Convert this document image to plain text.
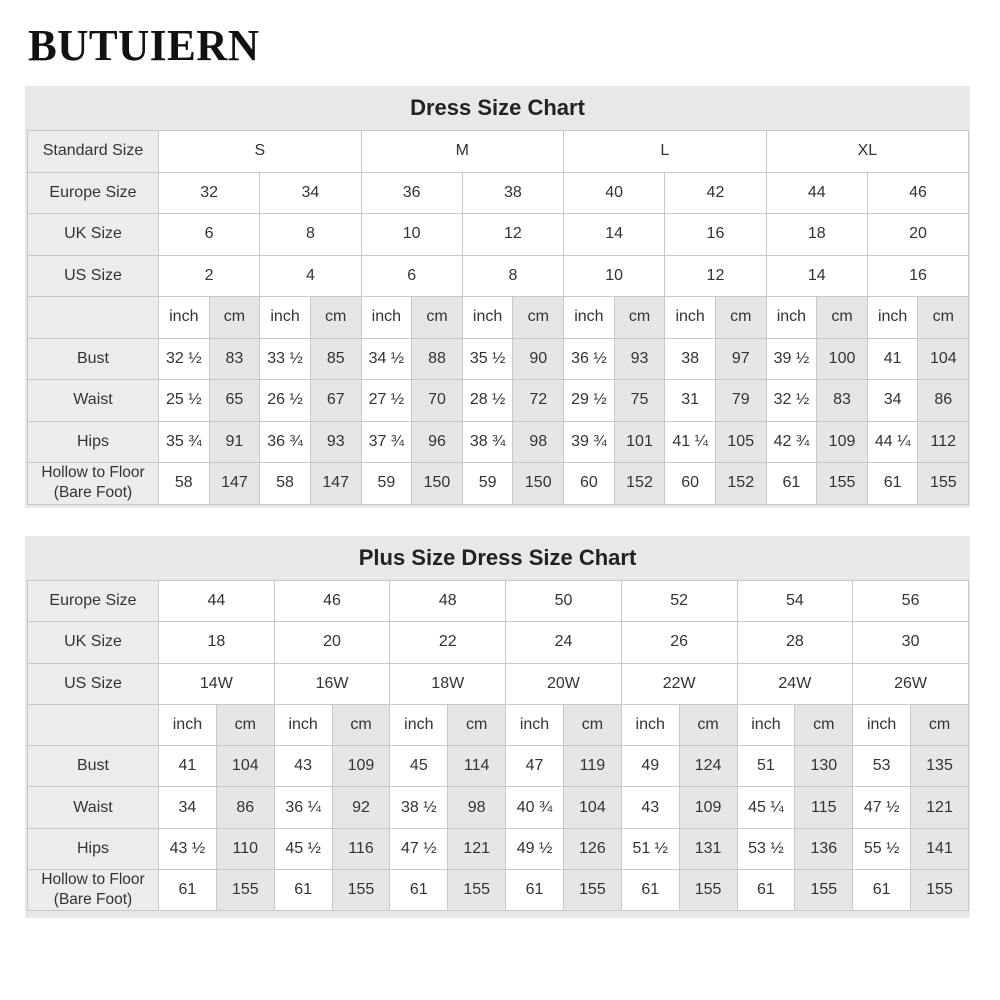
BUTUIERN
Dress Size Chart
Standard Size	S				M				L				XL			
Europe Size	32		34		36		38		40		42		44		46	
UK Size	6		8		10		12		14		16		18		20	
US Size	2		4		6		8		10		12		14		16	
	inch	cm	inch	cm	inch	cm	inch	cm	inch	cm	inch	cm	inch	cm	inch	cm
Bust	32 ½	83	33 ½	85	34 ½	88	35 ½	90	36 ½	93	38	97	39 ½	100	41	104
Waist	25 ½	65	26 ½	67	27 ½	70	28 ½	72	29 ½	75	31	79	32 ½	83	34	86
Hips	35 ¾	91	36 ¾	93	37 ¾	96	38 ¾	98	39 ¾	101	41 ¼	105	42 ¾	109	44 ¼	112

Hollow to Floor
(Bare Foot)	58	147	58	147	59	150	59	150	60	152	60	152	61	155	61	155
Plus Size Dress Size Chart
Europe Size	44		46		48		50		52		54		56	
UK Size	18		20		22		24		26		28		30	
US Size	14W		16W		18W		20W		22W		24W		26W	
	inch	cm	inch	cm	inch	cm	inch	cm	inch	cm	inch	cm	inch	cm
Bust	41	104	43	109	45	114	47	119	49	124	51	130	53	135
Waist	34	86	36 ¼	92	38 ½	98	40 ¾	104	43	109	45 ¼	115	47 ½	121
Hips	43 ½	110	45 ½	116	47 ½	121	49 ½	126	51 ½	131	53 ½	136	55 ½	141

Hollow to Floor
(Bare Foot)	61	155	61	155	61	155	61	155	61	155	61	155	61	155
